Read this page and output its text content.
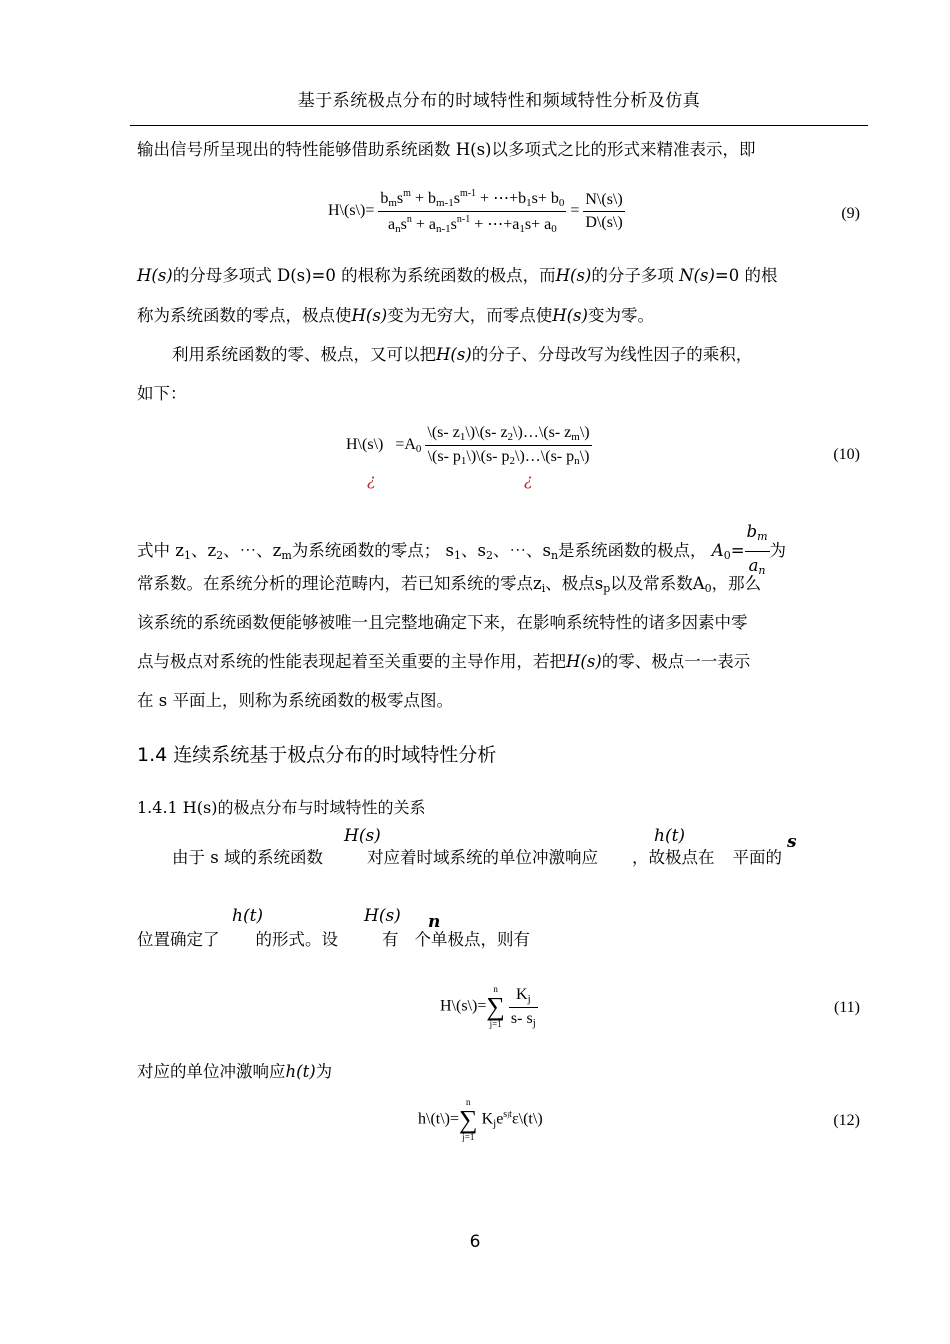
基于系统极点分布的时域特性和频域特性分析及仿真
输出信号所呈现出的特性能够借助系统函数 H(s)以多项式之比的形式来精准表示，即
H\(s\)= $\frac{b_ms^m + b_{m-1}s^{m-1} + \cdots+b_1s+ b_0}{a_ns^n + a_{n-1}s^{n-1} + \cdots+a_1s+ a_0} = \frac{N\backslash(s\backslash)}{D\backslash(s\backslash)}$	(9)
H(s)的分母多项式 D(s)=0 的根称为系统函数的极点，而H(s)的分子多项 N(s)=0 的根
称为系统函数的零点，极点使H(s)变为无穷大，而零点使H(s)变为零。
利用系统函数的零、极点，又可以把H(s)的分子、分母改写为线性因子的乘积，
如下：
H\(s\) $=A_0 \frac{\backslash(s- z_1\backslash)\backslash(s- z_2\backslash)\dots\backslash(s- z_m\backslash)}{\backslash(s- p_1\backslash)\backslash(s- p_2\backslash)\dots\backslash(s- p_n\backslash)}$
¿	¿
(10)
式中 $z_1$、$z_2$、⋯、$z_m$为系统函数的零点； $s_1$、$s_2$、⋯、$s_n$是系统函数的极点， $A_0= \frac{b_m}{a_n}$ 为
常系数。在系统分析的理论范畴内，若已知系统的零点$z_i$、极点$s_p$以及常系数$A_0$，那么
该系统的系统函数便能够被唯一且完整地确定下来，在影响系统特性的诸多因素中零
点与极点对系统的性能表现起着至关重要的主导作用，若把H(s)的零、极点一一表示
在 s 平面上，则称为系统函数的极零点图。
1.4 连续系统基于极点分布的时域特性分析
1.4.1 H(s)的极点分布与时域特性的关系
由于 s 域的系统函数	对应着时域系统的单位冲激响应 ，故极点在 平面的
H(s)	h(t)	s
位置确定了 的形式。设	有 个单极点，则有
h(t)	H(s) n
H\(s\)=
n
∑
j=1
$\frac{K_j}{s- s_j}$	(11)
对应的单位冲激响应h(t)为
h\(t\)=
n
∑
j=1
$K_je^{sjt}\varepsilon\backslash(t\backslash)$	(12)
6
